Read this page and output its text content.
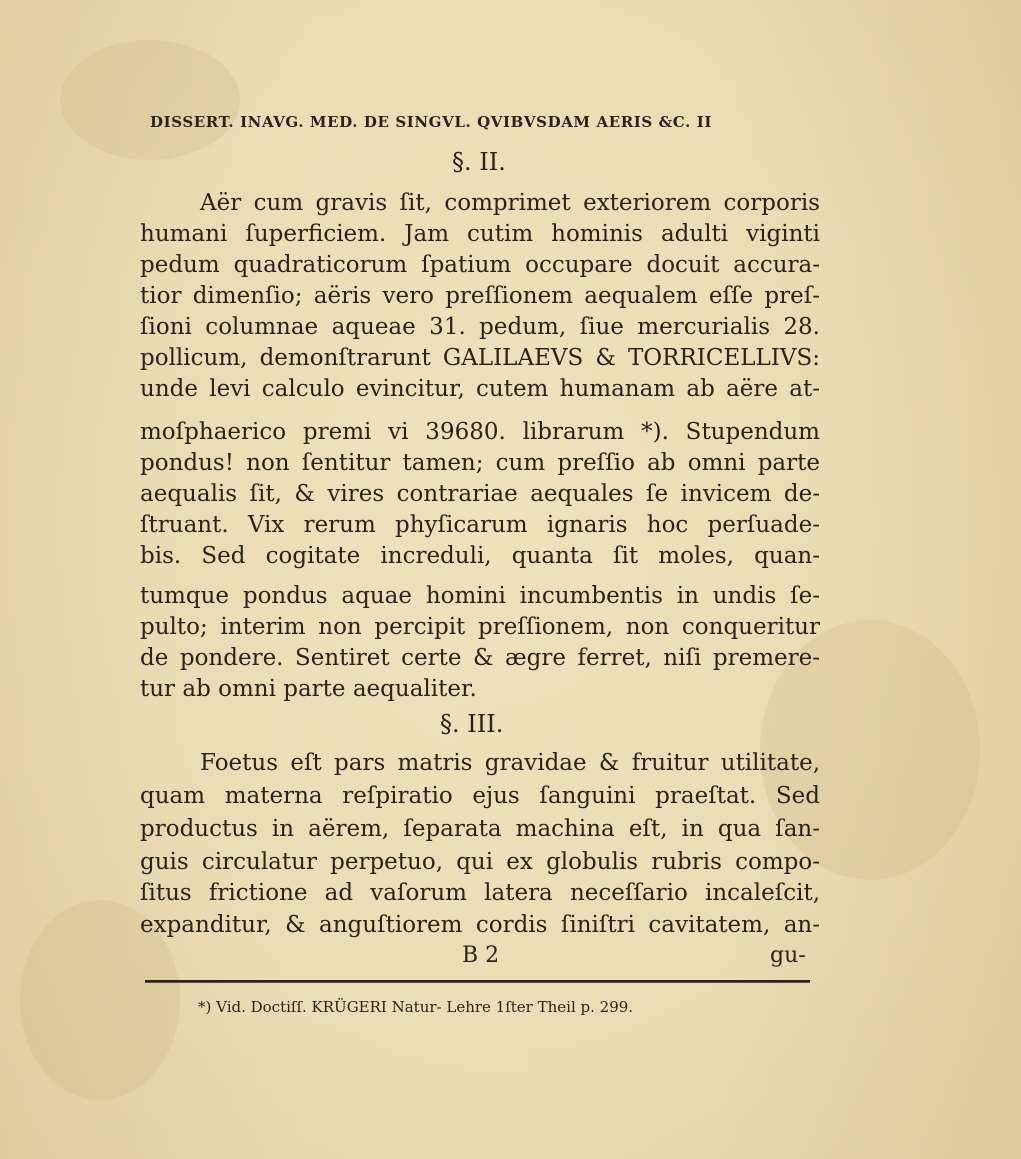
DISSERT. INAVG. MED. DE SINGVL. QVIBVSDAM AERIS &C. II
§. II.
Aër cum gravis ſit, comprimet exteriorem corporis
humani ſuperficiem. Jam cutim hominis adulti viginti
pedum quadraticorum ſpatium occupare docuit accura-
tior dimenſio; aëris vero preſſionem aequalem eſſe preſ-
ſioni columnae aqueae 31. pedum, ſiue mercurialis 28.
pollicum, demonſtrarunt GALILAEVS & TORRICELLIVS:
unde levi calculo evincitur, cutem humanam ab aëre at-
moſphaerico premi vi 39680. librarum *). Stupendum
pondus! non ſentitur tamen; cum preſſio ab omni parte
aequalis ſit, & vires contrariae aequales ſe invicem de-
ſtruant. Vix rerum phyſicarum ignaris hoc perſuade-
bis. Sed cogitate increduli, quanta ſit moles, quan-
tumque pondus aquae homini incumbentis in undis ſe-
pulto; interim non percipit preſſionem, non conqueritur
de pondere. Sentiret certe & ægre ferret, niſi premere-
tur ab omni parte aequaliter.
§. III.
Foetus eſt pars matris gravidae & fruitur utilitate,
quam materna reſpiratio ejus ſanguini praeſtat. Sed
productus in aërem, ſeparata machina eſt, in qua ſan-
guis circulatur perpetuo, qui ex globulis rubris compo-
ſitus frictione ad vaſorum latera neceſſario incaleſcit,
expanditur, & anguſtiorem cordis ſiniſtri cavitatem, an-
B 2	gu-
*) Vid. Doctiſſ. KRÜGERI Natur- Lehre 1ſter Theil p. 299.
